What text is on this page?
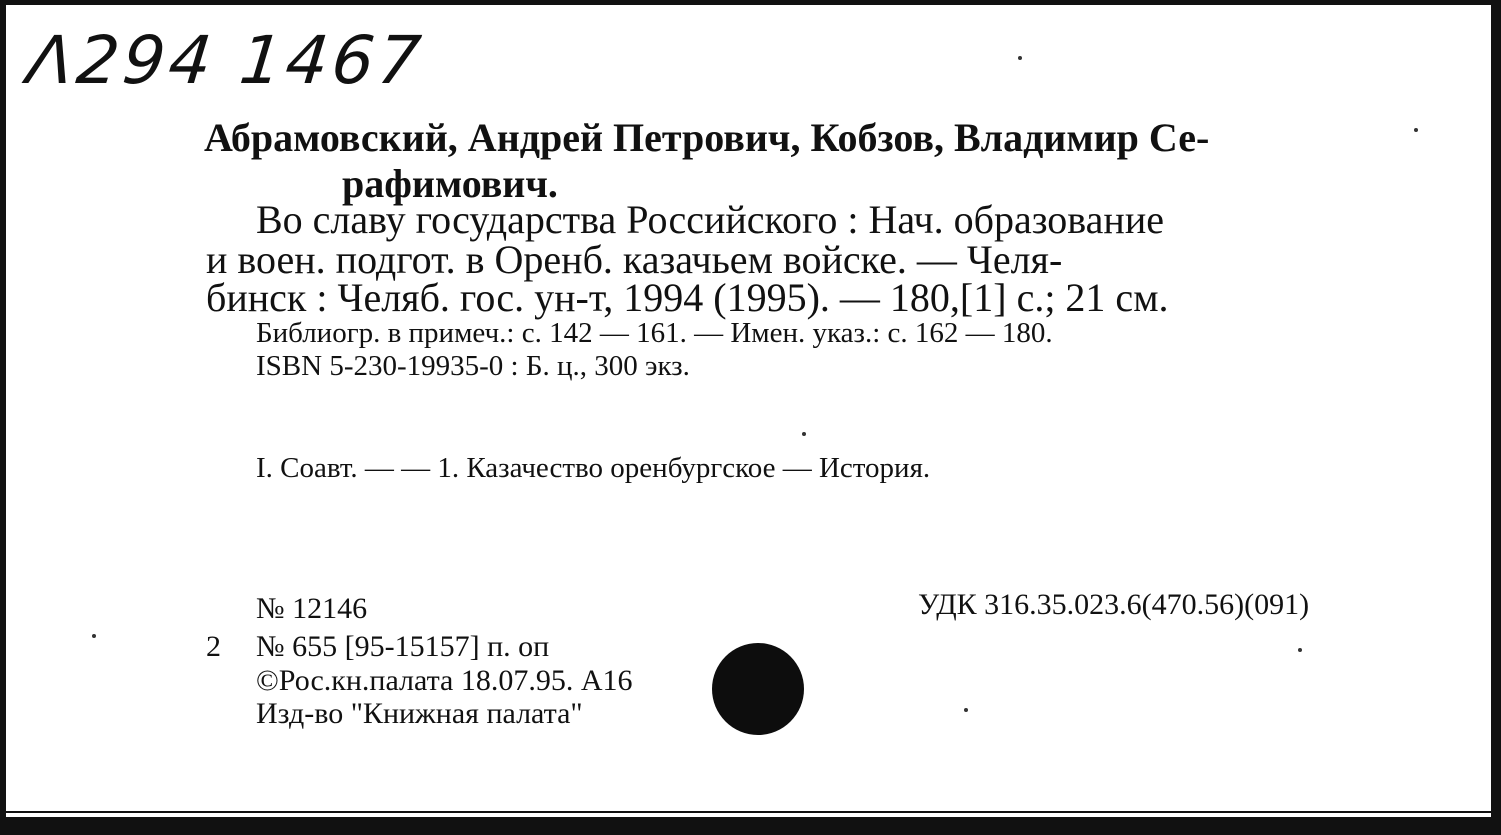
Λ294 1467
Абрамовский, Андрей Петрович, Кобзов, Владимир Се-
рафимович.
Во славу государства Российского : Нач. образование
и воен. подгот. в Оренб. казачьем войске. — Челя-
бинск : Челяб. гос. ун-т, 1994 (1995). — 180,[1] с.; 21 см.
Библиогр. в примеч.: с. 142 — 161. — Имен. указ.: с. 162 — 180.
ISBN 5-230-19935-0 : Б. ц., 300 экз.
I. Соавт. — — 1. Казачество оренбургское — История.
№ 12146	УДК 316.35.023.6(470.56)(091)
2 № 655 [95-15157] п. оп
©Рос.кн.палата 18.07.95. А16
Изд-во "Книжная палата"
